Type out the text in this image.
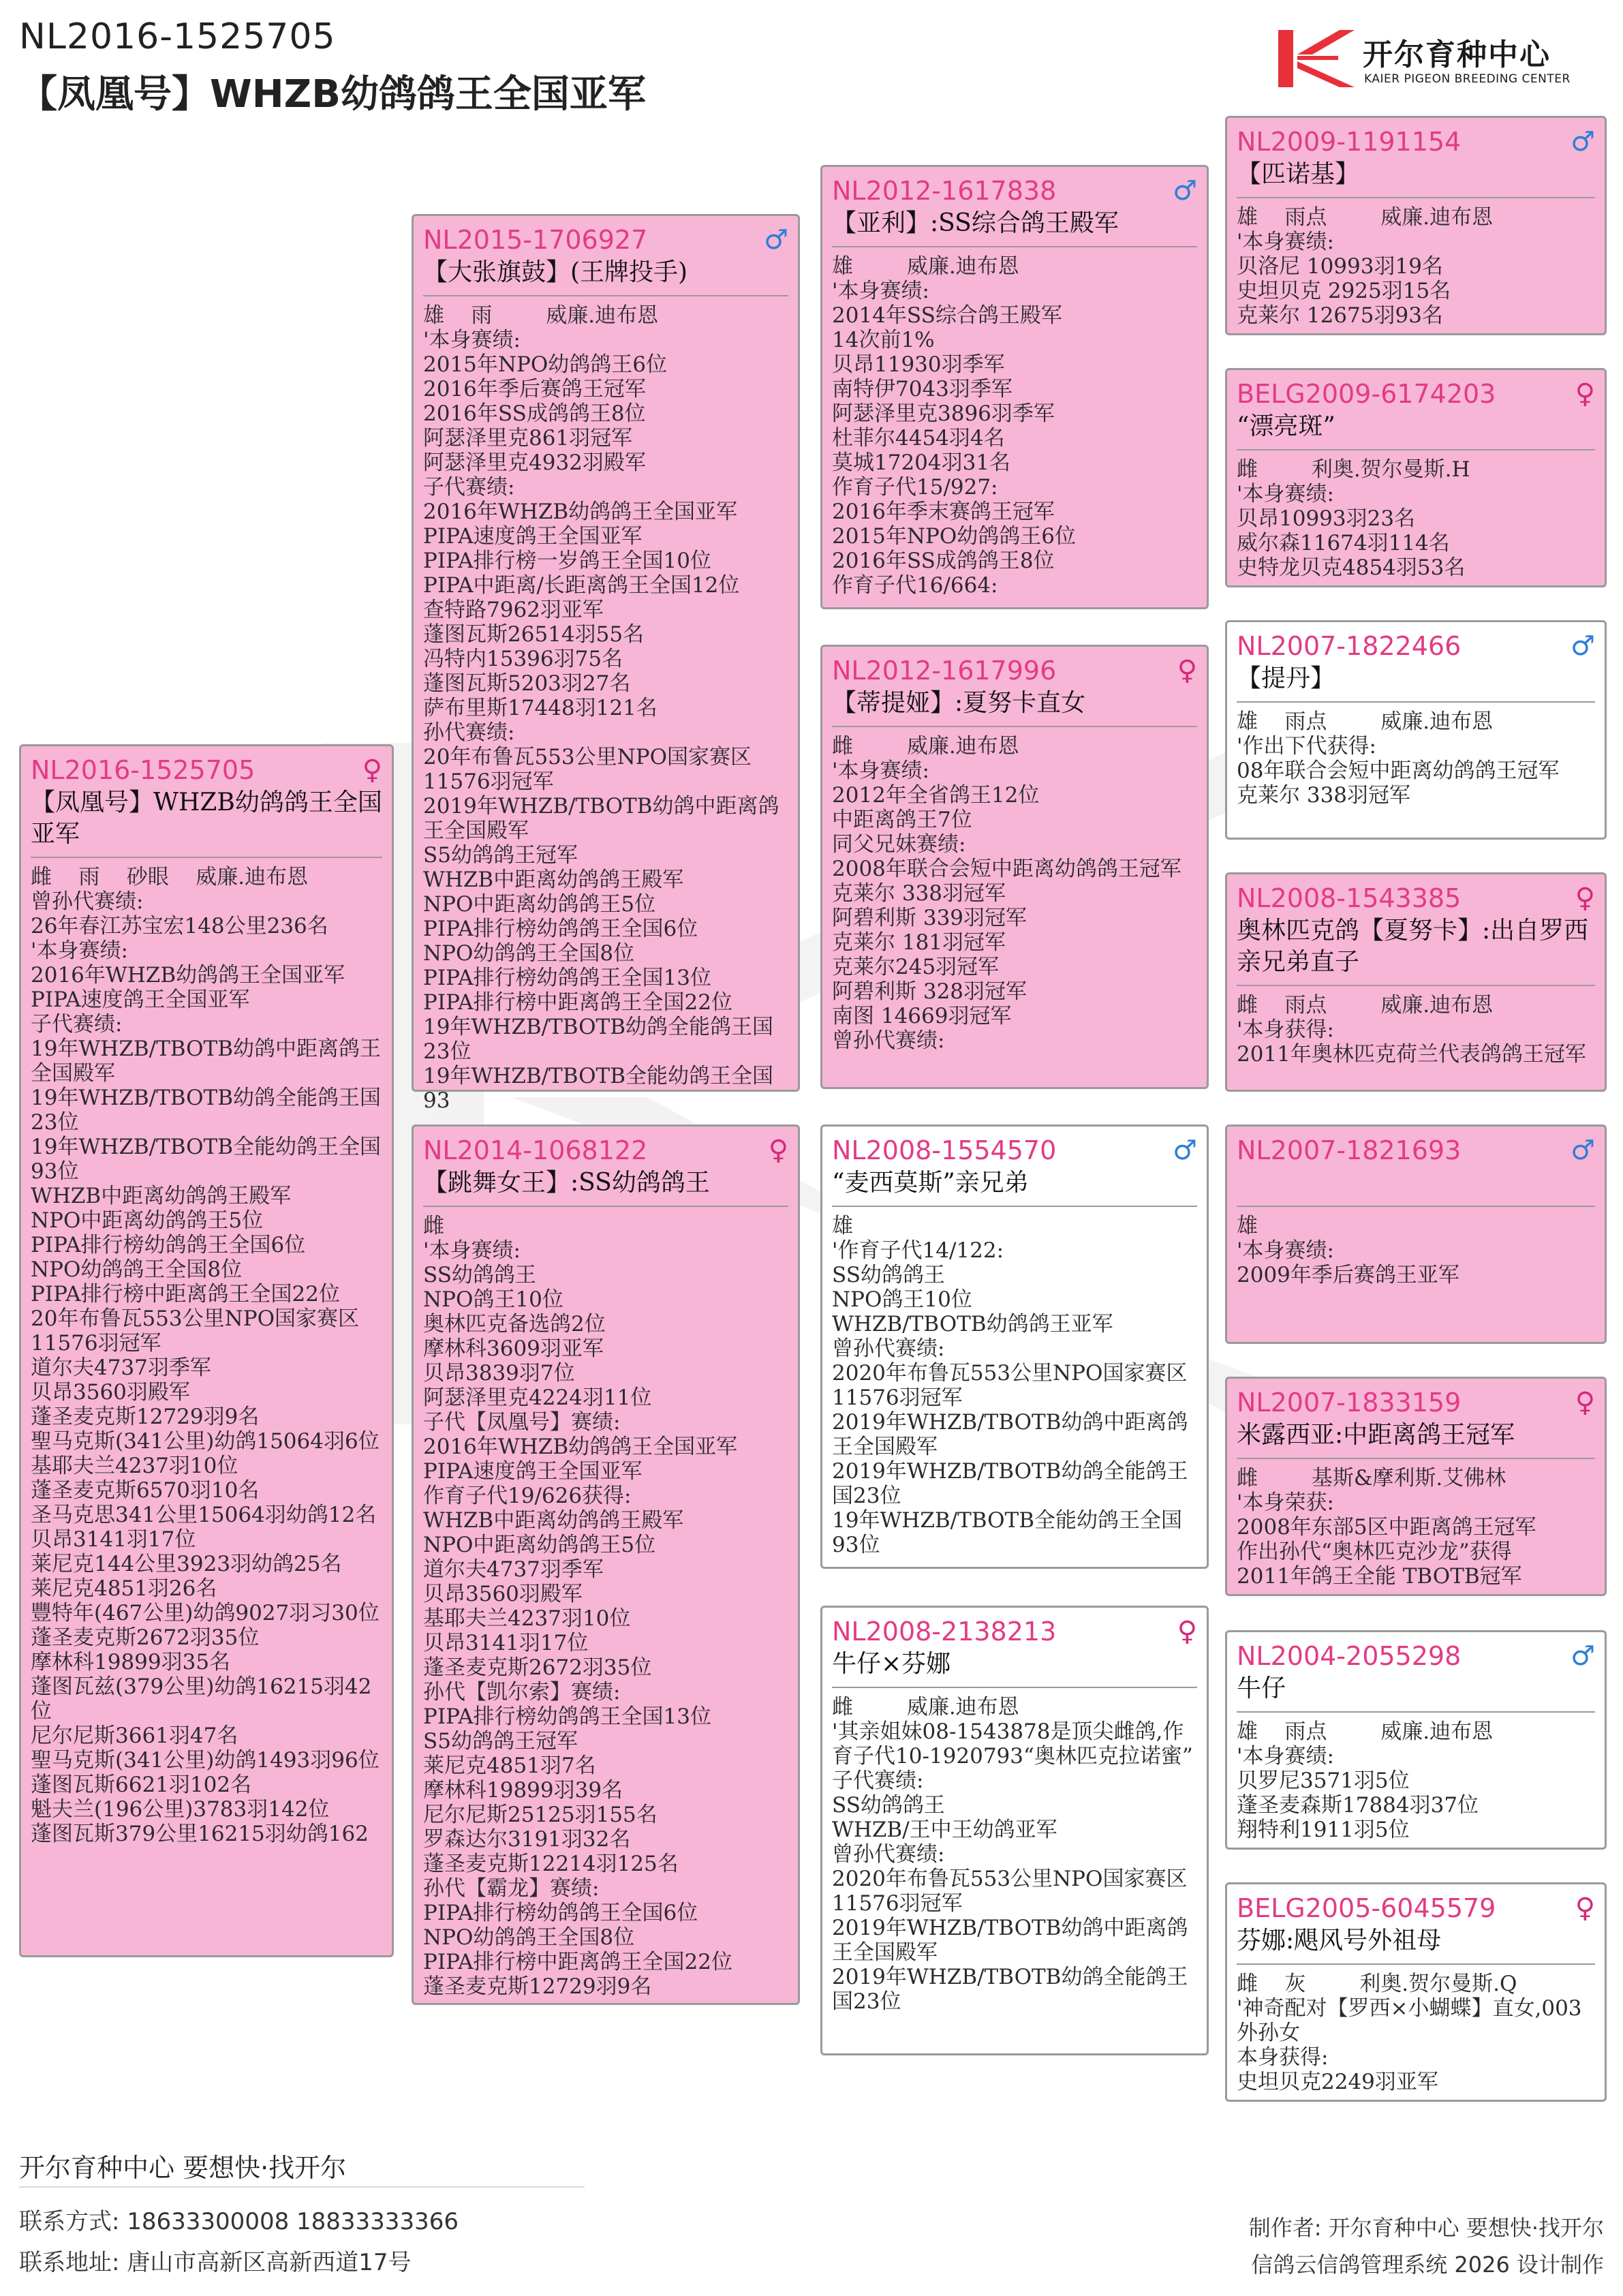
NL2016-1525705
【凤凰号】WHZB幼鸽鸽王全国亚军
开尔育种中心
KAIER PIGEON BREEDING CENTER
NL2016-1525705	♀
【凤凰号】WHZB幼鸽鸽王全国亚军
雌    雨    砂眼    威廉.迪布恩
曾孙代赛绩:
26年春江苏宝宏148公里236名
'本身赛绩:
2016年WHZB幼鸽鸽王全国亚军
PIPA速度鸽王全国亚军
子代赛绩:
19年WHZB/TBOTB幼鸽中距离鸽王全国殿军
19年WHZB/TBOTB幼鸽全能鸽王国23位
19年WHZB/TBOTB全能幼鸽王全国93位
WHZB中距离幼鸽鸽王殿军
NPO中距离幼鸽鸽王5位
PIPA排行榜幼鸽鸽王全国6位
NPO幼鸽鸽王全国8位
PIPA排行榜中距离鸽王全国22位
20年布鲁瓦553公里NPO国家赛区11576羽冠军
道尔夫4737羽季军
贝昂3560羽殿军
蓬圣麦克斯12729羽9名
聖马克斯(341公里)幼鸽15064羽6位
基耶夫兰4237羽10位
蓬圣麦克斯6570羽10名
圣马克思341公里15064羽幼鸽12名
贝昂3141羽17位
莱尼克144公里3923羽幼鸽25名
莱尼克4851羽26名
豐特年(467公里)幼鸽9027羽习30位
蓬圣麦克斯2672羽35位
摩林科19899羽35名
蓬图瓦兹(379公里)幼鸽16215羽42位
尼尔尼斯3661羽47名
聖马克斯(341公里)幼鸽1493羽96位
蓬图瓦斯6621羽102名
魁夫兰(196公里)3783羽142位
蓬图瓦斯379公里16215羽幼鸽162
NL2015-1706927	♂
【大张旗鼓】(王牌投手)
雄    雨        威廉.迪布恩
'本身赛绩:
2015年NPO幼鸽鸽王6位
2016年季后赛鸽王冠军
2016年SS成鸽鸽王8位
阿瑟泽里克861羽冠军
阿瑟泽里克4932羽殿军
子代赛绩:
2016年WHZB幼鸽鸽王全国亚军
PIPA速度鸽王全国亚军
PIPA排行榜一岁鸽王全国10位
PIPA中距离/长距离鸽王全国12位
查特路7962羽亚军
蓬图瓦斯26514羽55名
冯特内15396羽75名
蓬图瓦斯5203羽27名
萨布里斯17448羽121名
孙代赛绩:
20年布鲁瓦553公里NPO国家赛区11576羽冠军
2019年WHZB/TBOTB幼鸽中距离鸽王全国殿军
S5幼鸽鸽王冠军
WHZB中距离幼鸽鸽王殿军
NPO中距离幼鸽鸽王5位
PIPA排行榜幼鸽鸽王全国6位
NPO幼鸽鸽王全国8位
PIPA排行榜幼鸽鸽王全国13位
PIPA排行榜中距离鸽王全国22位
19年WHZB/TBOTB幼鸽全能鸽王国23位
19年WHZB/TBOTB全能幼鸽王全国93
NL2014-1068122	♀
【跳舞女王】:SS幼鸽鸽王
雌
'本身赛绩:
SS幼鸽鸽王
NPO鸽王10位
奥林匹克备选鸽2位
摩林科3609羽亚军
贝昂3839羽7位
阿瑟泽里克4224羽11位
子代【凤凰号】赛绩:
2016年WHZB幼鸽鸽王全国亚军
PIPA速度鸽王全国亚军
作育子代19/626获得:
WHZB中距离幼鸽鸽王殿军
NPO中距离幼鸽鸽王5位
道尔夫4737羽季军
贝昂3560羽殿军
基耶夫兰4237羽10位
贝昂3141羽17位
蓬圣麦克斯2672羽35位
孙代【凯尔索】赛绩:
PIPA排行榜幼鸽鸽王全国13位
S5幼鸽鸽王冠军
莱尼克4851羽7名
摩林科19899羽39名
尼尔尼斯25125羽155名
罗森达尔3191羽32名
蓬圣麦克斯12214羽125名
孙代【霸龙】赛绩:
PIPA排行榜幼鸽鸽王全国6位
NPO幼鸽鸽王全国8位
PIPA排行榜中距离鸽王全国22位
蓬圣麦克斯12729羽9名
NL2012-1617838	♂
【亚利】:SS综合鸽王殿军
雄        威廉.迪布恩
'本身赛绩:
2014年SS综合鸽王殿军
14次前1%
贝昂11930羽季军
南特伊7043羽季军
阿瑟泽里克3896羽季军
杜菲尔4454羽4名
莫城17204羽31名
作育子代15/927:
2016年季末赛鸽王冠军
2015年NPO幼鸽鸽王6位
2016年SS成鸽鸽王8位
作育子代16/664:
NL2012-1617996	♀
【蒂提娅】:夏努卡直女
雌        威廉.迪布恩
'本身赛绩:
2012年全省鸽王12位
中距离鸽王7位
同父兄妹赛绩:
2008年联合会短中距离幼鸽鸽王冠军
克莱尔 338羽冠军
阿碧利斯 339羽冠军
克莱尔 181羽冠军
克莱尔245羽冠军
阿碧利斯 328羽冠军
南图 14669羽冠军
曾孙代赛绩:
NL2008-1554570	♂
“麦西莫斯”亲兄弟
雄
'作育子代14/122:
SS幼鸽鸽王
NPO鸽王10位
WHZB/TBOTB幼鸽鸽王亚军
曾孙代赛绩:
2020年布鲁瓦553公里NPO国家赛区11576羽冠军
2019年WHZB/TBOTB幼鸽中距离鸽王全国殿军
2019年WHZB/TBOTB幼鸽全能鸽王国23位
19年WHZB/TBOTB全能幼鸽王全国93位
NL2008-2138213	♀
牛仔×芬娜
雌        威廉.迪布恩
'其亲姐妹08-1543878是顶尖雌鸽,作育子代10-1920793“奥林匹克拉诺蜜”
子代赛绩:
SS幼鸽鸽王
WHZB/王中王幼鸽亚军
曾孙代赛绩:
2020年布鲁瓦553公里NPO国家赛区11576羽冠军
2019年WHZB/TBOTB幼鸽中距离鸽王全国殿军
2019年WHZB/TBOTB幼鸽全能鸽王国23位
NL2009-1191154	♂
【匹诺基】
雄    雨点        威廉.迪布恩
'本身赛绩:
贝洛尼 10993羽19名
史坦贝克 2925羽15名
克莱尔 12675羽93名
BELG2009-6174203	♀
“漂亮斑”
雌        利奥.贺尔曼斯.H
'本身赛绩:
贝昂10993羽23名
威尔森11674羽114名
史特龙贝克4854羽53名
NL2007-1822466	♂
【提丹】
雄    雨点        威廉.迪布恩
'作出下代获得:
08年联合会短中距离幼鸽鸽王冠军
克莱尔 338羽冠军
NL2008-1543385	♀
奥林匹克鸽【夏努卡】:出自罗西亲兄弟直子
雌    雨点        威廉.迪布恩
'本身获得:
2011年奥林匹克荷兰代表鸽鸽王冠军
NL2007-1821693	♂
雄
'本身赛绩:
2009年季后赛鸽王亚军
NL2007-1833159	♀
米露西亚:中距离鸽王冠军
雌        基斯&摩利斯.艾佛林
'本身荣获:
2008年东部5区中距离鸽王冠军
作出孙代“奥林匹克沙龙”获得
2011年鸽王全能 TBOTB冠军
NL2004-2055298	♂
牛仔
雄    雨点        威廉.迪布恩
'本身赛绩:
贝罗尼3571羽5位
蓬圣麦森斯17884羽37位
翔特利1911羽5位
BELG2005-6045579	♀
芬娜:飓风号外祖母
雌    灰        利奥.贺尔曼斯.Q
'神奇配对【罗西×小蝴蝶】直女,003外孙女
本身获得:
史坦贝克2249羽亚军
开尔育种中心 要想快·找开尔
联系方式: 18633300008 18833333366
联系地址: 唐山市高新区高新西道17号
制作者: 开尔育种中心 要想快·找开尔
信鸽云信鸽管理系统 2026 设计制作
